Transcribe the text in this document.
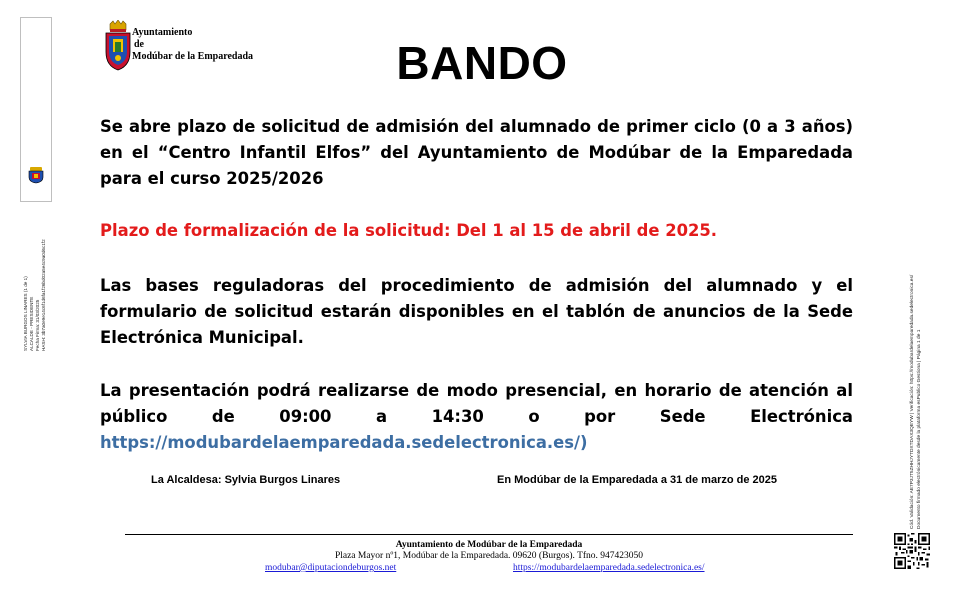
SYLVIA BURGOS LINARES (1 de 1) ALCALDE - PRESIDENTE Fecha Firma: 31/03/2025 HASH: 3b7a0e9e14c6f1d6fa1f26bd02a5e4c9a0d6c1f2
Ayuntamiento

de
Modúbar de la Emparedada	BANDO
Se abre plazo de solicitud de admisión del alumnado de primer ciclo (0 a 3 años) en el “Centro Infantil Elfos” del Ayuntamiento de Modúbar de la Emparedada para el curso 2025/2026
Plazo de formalización de la solicitud: Del 1 al 15 de abril de 2025.
Las bases reguladoras del procedimiento de admisión del alumnado y el formulario de solicitud estarán disponibles en el tablón de anuncios de la Sede Electrónica Municipal.
La presentación podrá realizarse de modo presencial, en horario de atención al
público de 09:00 a 14:30 o por Sede Electrónica
https://modubardelaemparedada.sedelectronica.es/)
La Alcaldesa: Sylvia Burgos Linares	En Modúbar de la Emparedada a 31 de marzo de 2025
Ayuntamiento de Modúbar de la Emparedada
Plaza Mayor nº1, Modúbar de la Emparedada. 09620 (Burgos). Tfno. 947423050
modubar@diputaciondeburgos.net	https://modubardelaemparedada.sedelectronica.es/
Cód. Validación: AE7P3JT5ZHHJYTDXTDAX3QEYW | Verificación: https://modubardelaemparedada.sedelectronica.es/ Documento firmado electrónicamente desde la plataforma esPublico Gestiona | Página 1 de 1
